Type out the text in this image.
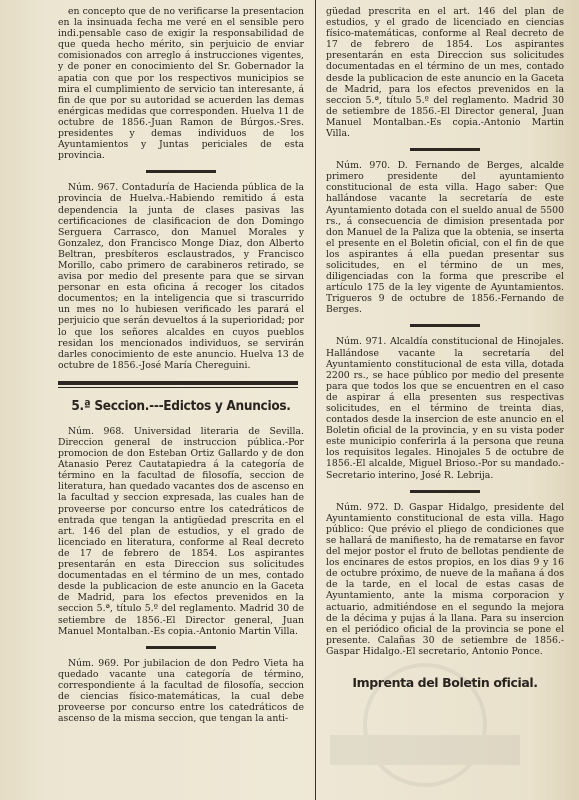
en concepto que de no verificarse la presentacion en la insinuada fecha me veré en el sensible pero indi.pensable caso de exigir la responsabilidad de que queda hecho mérito, sin perjuicio de enviar comisionados con arreglo á instrucciones vigentes, y de poner en conocimiento del Sr. Gobernador la apatia con que por los respectivos municipios se mira el cumplimiento de servicio tan interesante, á fin de que por su autoridad se acuerden las demas enérgicas medidas que corresponden. Huelva 11 de octubre de 1856.-Juan Ramon de Búrgos.-Sres. presidentes y demas individuos de los Ayuntamientos y Juntas periciales de esta provincia.

Núm. 967. Contaduría de Hacienda pública de la provincia de Huelva.-Habiendo remitido á esta dependencia la junta de clases pasivas las certificaciones de clasificacion de don Domingo Serguera Carrasco, don Manuel Morales y Gonzalez, don Francisco Monge Diaz, don Alberto Beltran, presbíteros esclaustrados, y Francisco Morillo, cabo primero de carabineros retirado, se avisa por medio del presente para que se sirvan personar en esta oficina á recoger los citados documentos; en la inteligencia que si trascurrido un mes no lo hubiesen verificado les parará el perjuicio que serán devueltos á la superioridad; por lo que los señores alcaldes en cuyos pueblos residan los mencionados individuos, se servirán darles conocimiento de este anuncio. Huelva 13 de octubre de 1856.-José María Chereguini.

5.ª Seccion.---Edictos y Anuncios.

Núm. 968. Universidad literaria de Sevilla. Direccion general de instruccion pública.-Por promocion de don Esteban Ortiz Gallardo y de don Atanasio Perez Cautatapiedra á la categoría de término en la facultad de filosofía, seccion de literatura, han quedado vacantes dos de ascenso en la facultad y seccion expresada, las cuales han de proveerse por concurso entre los catedráticos de entrada que tengan la antigüedad prescrita en el art. 146 del plan de estudios, y el grado de licenciado en literatura, conforme al Real decreto de 17 de febrero de 1854. Los aspirantes presentarán en esta Direccion sus solicitudes documentadas en el término de un mes, contado desde la publicacion de este anuncio en la Gaceta de Madrid, para los efectos prevenidos en la seccion 5.ª, título 5.º del reglamento. Madrid 30 de setiembre de 1856.-El Director general, Juan Manuel Montalban.-Es copia.-Antonio Martin Villa.

Núm. 969. Por jubilacion de don Pedro Vieta ha quedado vacante una categoría de término, correspondiente á la facultad de filosofía, seccion de ciencias físico-matemáticas, la cual debe proveerse por concurso entre los catedráticos de ascenso de la misma seccion, que tengan la anti-

güedad prescrita en el art. 146 del plan de estudios, y el grado de licenciado en ciencias físico-matemáticas, conforme al Real decreto de 17 de febrero de 1854. Los aspirantes presentarán en esta Direccion sus solicitudes documentadas en el término de un mes, contado desde la publicacion de este anuncio en la Gaceta de Madrid, para los efectos prevenidos en la seccion 5.ª, título 5.º del reglamento. Madrid 30 de setiembre de 1856.-El Director general, Juan Manuel Montalban.-Es copia.-Antonio Martin Villa.

Núm. 970. D. Fernando de Berges, alcalde primero presidente del ayuntamiento constitucional de esta villa. Hago saber: Que hallándose vacante la secretaría de este Ayuntamiento dotada con el sueldo anual de 5500 rs., á consecuencia de dimision presentada por don Manuel de la Paliza que la obtenia, se inserta el presente en el Boletin oficial, con el fin de que los aspirantes á ella puedan presentar sus solicitudes, en el término de un mes, diligenciadas con la forma que prescribe el artículo 175 de la ley vigente de Ayuntamientos. Trigueros 9 de octubre de 1856.-Fernando de Berges.

Núm. 971. Alcaldía constitucional de Hinojales. Hallándose vacante la secretaría del Ayuntamiento constitucional de esta villa, dotada 2200 rs., se hace público por medio del presente para que todos los que se encuentren en el caso de aspirar á ella presenten sus respectivas solicitudes, en el término de treinta dias, contados desde la insercion de este anuncio en el Boletin oficial de la provincia, y en su vista poder este municipio conferirla á la persona que reuna los requisitos legales. Hinojales 5 de octubre de 1856.-El alcalde, Miguel Brioso.-Por su mandado.-Secretario interino, José R. Lebrija.

Núm. 972. D. Gaspar Hidalgo, presidente del Ayuntamiento constitucional de esta villa. Hago público: Que prévio el pliego de condiciones que se hallará de manifiesto, ha de rematarse en favor del mejor postor el fruto de bellotas pendiente de los encinares de estos propios, en los dias 9 y 16 de octubre próximo, de nueve de la mañana á dos de la tarde, en el local de estas casas de Ayuntamiento, ante la misma corporacion y actuario, admitiéndose en el segundo la mejora de la décima y pujas á la llana. Para su insercion en el periódico oficial de la provincia se pone el presente. Calañas 30 de setiembre de 1856.-Gaspar Hidalgo.-El secretario, Antonio Ponce.

Imprenta del Boletin oficial.
